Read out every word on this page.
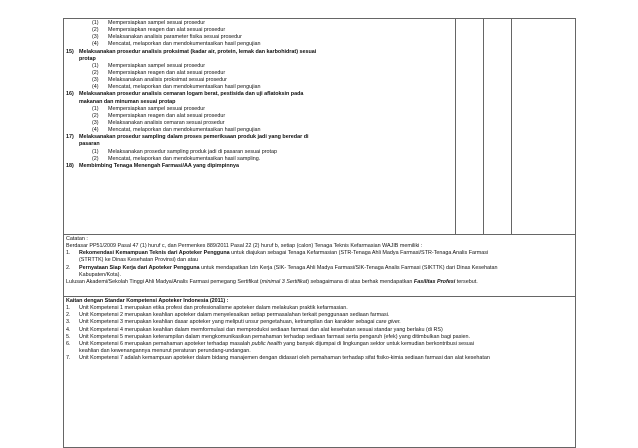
(1) Mempersiapkan sampel sesuai prosedur
(2) Mempersiapkan reagen dan alat sesuai prosedur
(3) Melaksanakan analisis parameter fisika sesuai prosedur
(4) Mencatat, melaporkan dan mendokumentasikan hasil pengujian
15) Melaksanakan prosedur analisis proksimat (kadar air, protein, lemak dan karbohidrat) sesuai
protap
(1) Mempersiapkan sampel sesuai prosedur
(2) Mempersiapkan reagen dan alat sesuai prosedur
(3) Melaksanakan analisis proksimat sesuai prosedur
(4) Mencatat, melaporkan dan mendokumentasikan hasil pengujian
16) Melaksanakan prosedur analisis cemaran logam berat, pestisida dan uji aflatoksin pada
makanan dan minuman sesuai protap
(1) Mempersiapkan sampel sesuai prosedur
(2) Mempersiapkan reagen dan alat sesuai prosedur
(3) Melaksanakan analisis cemaran sesuai prosedur
(4) Mencatat, melaporkan dan mendokumentasikan hasil pengujian
17) Melaksanakan prosedur sampling dalam proses pemeriksaan produk jadi yang beredar di
pasaran
(1) Melaksanakan prosedur sampling produk jadi di pasaran sesuai protap
(2) Mencatat, melaporkan dan mendokumentasikan hasil sampling.
18) Membimbing Tenaga Menengah Farmasi/AA yang dipimpinnya

Catatan :
Berdasar PP51/2009 Pasal 47 (1) huruf c, dan Permenkes 889/2011 Pasal 22 (2) huruf b, setiap (calon) Tenaga Teknis Kefarmasian WAJIB memiliki :
1. Rekomendasi Kemampuan Teknis dari Apoteker Pengguna untuk diajukan sebagai Tenaga Kefarmasian (STR-Tenaga Ahli Madya Farmasi/STR-Tenaga Analis Farmasi
(STRTTK) ke Dinas Kesehatan Provinsi) dan atau
2. Pernyataan Siap Kerja dari Apoteker Pengguna untuk mendapatkan Izin Kerja (SIK- Tenaga Ahli Madya Farmasi/SIK-Tenaga Analis Farmasi (SIKTTK) dari Dinas Kesehatan
Kabupaten/Kota).
Lulusan Akademi/Sekolah Tinggi Ahli Madya/Analis Farmasi pemegang Sertifikat (minimal 3 Sertifikat) sebagaimana di atas berhak mendapatkan Fasilitas Profesi tersebut.

Kaitan dengan Standar Kompetensi Apoteker Indonesia (2011) :
1. Unit Kompetensi 1 merupakan etika profesi dan profesionalisme apoteker dalam melakukan praktik kefarmasian.
2. Unit Kompetensi 2 merupakan keahlian apoteker dalam menyelesaikan setiap permasalahan terkait penggunaan sediaan farmasi.
3. Unit Kompetensi 3 merupakan keahlian dasar apoteker yang meliputi unsur pengetahuan, ketrampilan dan karakter sebagai care giver.
4. Unit Kompetensi 4 merupakan keahlian dalam memformulasi dan memproduksi sediaan farmasi dan alat kesehatan sesuai standar yang berlaku (di RS)
5. Unit Kompetensi 5 merupakan keterampilan dalam mengkomunikasikan pemahaman terhadap sediaan farmasi serta pengaruh (efek) yang ditimbulkan bagi pasien.
6. Unit Kompetensi 6 merupakan pemahaman apoteker terhadap masalah public health yang banyak dijumpai di lingkungan sektor untuk kemudian berkontribusi sesuai
keahlian dan kewenangannya menurut peraturan perundang-undangan.
7. Unit Kompetensi 7 adalah kemampuan apoteker dalam bidang manajemen dengan didasari oleh pemahaman terhadap sifat fisiko-kimia sediaan farmasi dan alat kesehatan
